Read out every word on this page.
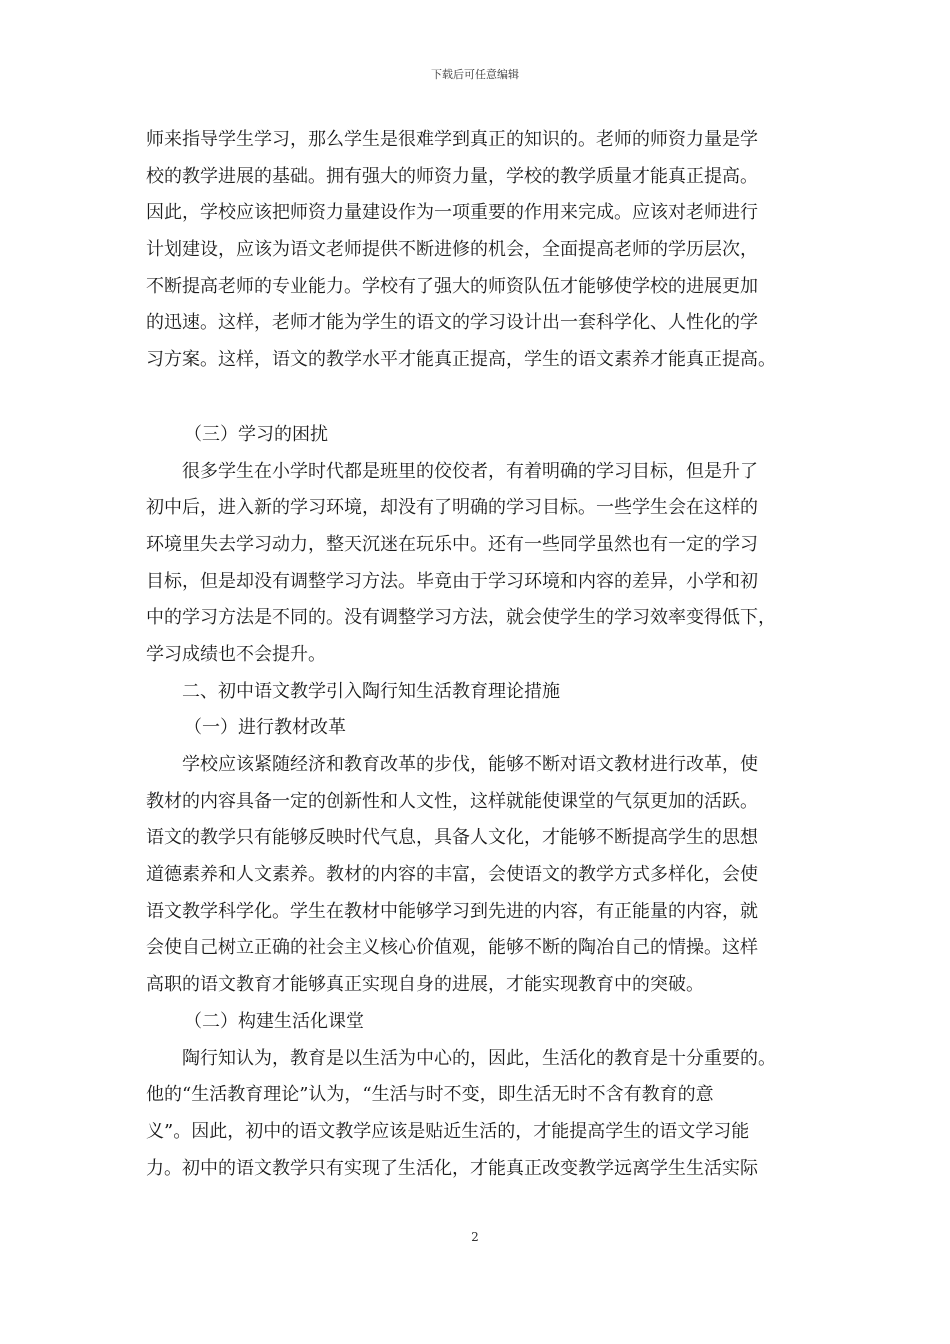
下载后可任意编辑
师来指导学生学习，那么学生是很难学到真正的知识的。老师的师资力量是学
校的教学进展的基础。拥有强大的师资力量，学校的教学质量才能真正提高。
因此，学校应该把师资力量建设作为一项重要的作用来完成。应该对老师进行
计划建设，应该为语文老师提供不断进修的机会，全面提高老师的学历层次，
不断提高老师的专业能力。学校有了强大的师资队伍才能够使学校的进展更加
的迅速。这样，老师才能为学生的语文的学习设计出一套科学化、人性化的学
习方案。这样，语文的教学水平才能真正提高，学生的语文素养才能真正提高。
（三）学习的困扰
很多学生在小学时代都是班里的佼佼者，有着明确的学习目标，但是升了
初中后，进入新的学习环境，却没有了明确的学习目标。一些学生会在这样的
环境里失去学习动力，整天沉迷在玩乐中。还有一些同学虽然也有一定的学习
目标，但是却没有调整学习方法。毕竟由于学习环境和内容的差异，小学和初
中的学习方法是不同的。没有调整学习方法，就会使学生的学习效率变得低下，
学习成绩也不会提升。
二、初中语文教学引入陶行知生活教育理论措施
（一）进行教材改革
学校应该紧随经济和教育改革的步伐，能够不断对语文教材进行改革，使
教材的内容具备一定的创新性和人文性，这样就能使课堂的气氛更加的活跃。
语文的教学只有能够反映时代气息，具备人文化，才能够不断提高学生的思想
道德素养和人文素养。教材的内容的丰富，会使语文的教学方式多样化，会使
语文教学科学化。学生在教材中能够学习到先进的内容，有正能量的内容，就
会使自己树立正确的社会主义核心价值观，能够不断的陶冶自己的情操。这样
高职的语文教育才能够真正实现自身的进展，才能实现教育中的突破。
（二）构建生活化课堂
陶行知认为，教育是以生活为中心的，因此，生活化的教育是十分重要的。
他的“生活教育理论”认为，“生活与时不变，即生活无时不含有教育的意
义”。因此，初中的语文教学应该是贴近生活的，才能提高学生的语文学习能
力。初中的语文教学只有实现了生活化，才能真正改变教学远离学生生活实际
2
